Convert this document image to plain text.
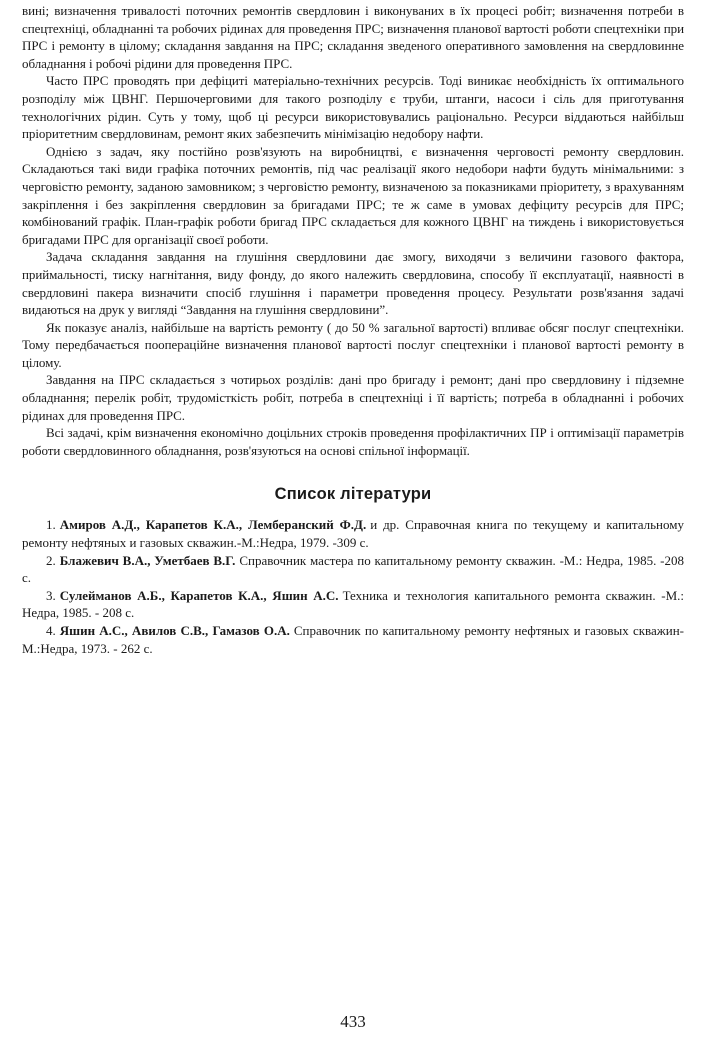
вині; визначення тривалості поточних ремонтів свердловин і виконуваних в їх процесі робіт; визначення потреби в спецтехніці, обладнанні та робочих рідинах для проведення ПРС; визначення планової вартості роботи спецтехніки при ПРС і ремонту в цілому; складання завдання на ПРС; складання зведеного оперативного замовлення на свердловинне обладнання і робочі рідини для проведення ПРС.

Часто ПРС проводять при дефіциті матеріально-технічних ресурсів. Тоді виникає необхідність їх оптимального розподілу між ЦВНГ. Першочерговими для такого розподілу є труби, штанги, насоси і сіль для приготування технологічних рідин. Суть у тому, щоб ці ресурси використовувались раціонально. Ресурси віддаються найбільш пріоритетним свердловинам, ремонт яких забезпечить мінімізацію недобору нафти.

Однією з задач, яку постійно розв'язують на виробництві, є визначення черговості ремонту свердловин. Складаються такі види графіка поточних ремонтів, під час реалізації якого недобори нафти будуть мінімальними: з черговістю ремонту, заданою замовником; з черговістю ремонту, визначеною за показниками пріоритету, з врахуванням закріплення і без закріплення свердловин за бригадами ПРС; те ж саме в умовах дефіциту ресурсів для ПРС; комбінований графік. План-графік роботи бригад ПРС складається для кожного ЦВНГ на тиждень і використовується бригадами ПРС для організації своєї роботи.

Задача складання завдання на глушіння свердловини дає змогу, виходячи з величини газового фактора, приймальності, тиску нагнітання, виду фонду, до якого належить свердловина, способу її експлуатації, наявності в свердловині пакера визначити спосіб глушіння і параметри проведення процесу. Результати розв'язання задачі видаються на друк у вигляді “Завдання на глушіння свердловини”.

Як показує аналіз, найбільше на вартість ремонту ( до 50 % загальної вартості) впливає обсяг послуг спецтехніки. Тому передбачається поопераційне визначення планової вартості послуг спецтехніки і планової вартості ремонту в цілому.

Завдання на ПРС складається з чотирьох розділів: дані про бригаду і ремонт; дані про свердловину і підземне обладнання; перелік робіт, трудомісткість робіт, потреба в спецтехніці і її вартість; потреба в обладнанні і робочих рідинах для проведення ПРС.

Всі задачі, крім визначення економічно доцільних строків проведення профілактичних ПР і оптимізації параметрів роботи свердловинного обладнання, розв'язуються на основі спільної інформації.

Список літератури

1. Амиров А.Д., Карапетов К.А., Лемберанский Ф.Д. и др. Справочная книга по текущему и капитальному ремонту нефтяных и газовых скважин.-М.:Недра, 1979. -309 с.

2. Блажевич В.А., Уметбаев В.Г. Справочник мастера по капитальному ремонту скважин. -М.: Недра, 1985. -208 с.

3. Сулейманов А.Б., Карапетов К.А., Яшин А.С. Техника и технология капитального ремонта скважин. -М.: Недра, 1985. - 208 с.

4. Яшин А.С., Авилов С.В., Гамазов О.А. Справочник по капитальному ремонту нефтяных и газовых скважин-М.:Недра, 1973. - 262 с.

433
